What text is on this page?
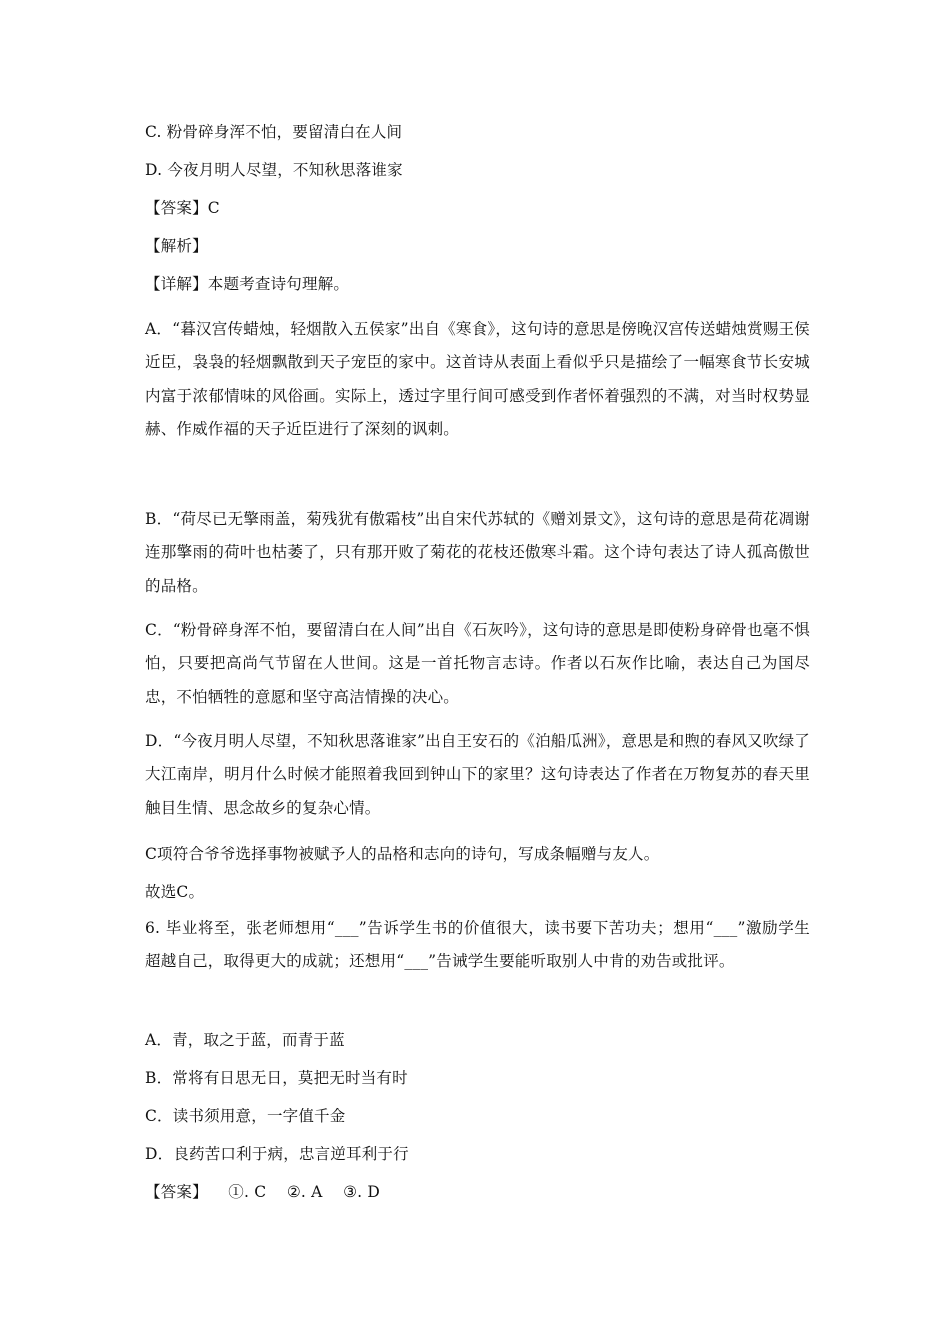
C. 粉骨碎身浑不怕，要留清白在人间
D. 今夜月明人尽望，不知秋思落谁家
【答案】C
【解析】
【详解】本题考查诗句理解。
A．“暮汉宫传蜡烛，轻烟散入五侯家”出自《寒食》，这句诗的意思是傍晚汉宫传送蜡烛赏赐王侯近臣，袅袅的轻烟飘散到天子宠臣的家中。这首诗从表面上看似乎只是描绘了一幅寒食节长安城内富于浓郁情味的风俗画。实际上，透过字里行间可感受到作者怀着强烈的不满，对当时权势显赫、作威作福的天子近臣进行了深刻的讽刺。
B．“荷尽已无擎雨盖，菊残犹有傲霜枝”出自宋代苏轼的《赠刘景文》，这句诗的意思是荷花凋谢连那擎雨的荷叶也枯萎了，只有那开败了菊花的花枝还傲寒斗霜。这个诗句表达了诗人孤高傲世的品格。
C．“粉骨碎身浑不怕，要留清白在人间”出自《石灰吟》，这句诗的意思是即使粉身碎骨也毫不惧怕，只要把高尚气节留在人世间。这是一首托物言志诗。作者以石灰作比喻，表达自己为国尽忠，不怕牺牲的意愿和坚守高洁情操的决心。
D．“今夜月明人尽望，不知秋思落谁家”出自王安石的《泊船瓜洲》，意思是和煦的春风又吹绿了大江南岸，明月什么时候才能照着我回到钟山下的家里？这句诗表达了作者在万物复苏的春天里触目生情、思念故乡的复杂心情。
C项符合爷爷选择事物被赋予人的品格和志向的诗句，写成条幅赠与友人。
故选C。
6. 毕业将至，张老师想用“___”告诉学生书的价值很大，读书要下苦功夫；想用“___”激励学生超越自己，取得更大的成就；还想用“___”告诫学生要能听取别人中肯的劝告或批评。
A．青，取之于蓝，而青于蓝
B．常将有日思无日，莫把无时当有时
C．读书须用意，一字值千金
D．良药苦口利于病，忠言逆耳利于行
【答案】    ①. C    ②. A    ③. D
